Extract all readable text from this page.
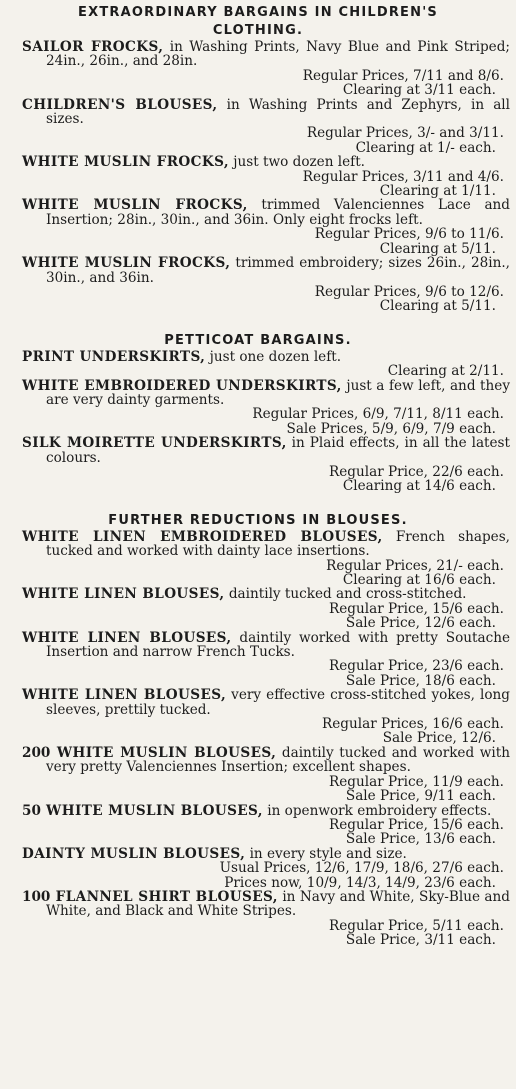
EXTRAORDINARY BARGAINS IN CHILDREN'S
CLOTHING.
SAILOR FROCKS, in Washing Prints, Navy Blue and Pink Striped; 24in., 26in., and 28in.
Regular Prices, 7/11 and 8/6.
Clearing at 3/11 each.
CHILDREN'S BLOUSES, in Washing Prints and Zephyrs, in all sizes.
Regular Prices, 3/- and 3/11.
Clearing at 1/- each.
WHITE MUSLIN FROCKS, just two dozen left.
Regular Prices, 3/11 and 4/6.
Clearing at 1/11.
WHITE MUSLIN FROCKS, trimmed Valenciennes Lace and Insertion; 28in., 30in., and 36in. Only eight frocks left.
Regular Prices, 9/6 to 11/6.
Clearing at 5/11.
WHITE MUSLIN FROCKS, trimmed embroidery; sizes 26in., 28in., 30in., and 36in.
Regular Prices, 9/6 to 12/6.
Clearing at 5/11.
PETTICOAT BARGAINS.
PRINT UNDERSKIRTS, just one dozen left.
Clearing at 2/11.
WHITE EMBROIDERED UNDERSKIRTS, just a few left, and they are very dainty garments.
Regular Prices, 6/9, 7/11, 8/11 each.
Sale Prices, 5/9, 6/9, 7/9 each.
SILK MOIRETTE UNDERSKIRTS, in Plaid effects, in all the latest colours.
Regular Price, 22/6 each.
Clearing at 14/6 each.
FURTHER REDUCTIONS IN BLOUSES.
WHITE LINEN EMBROIDERED BLOUSES, French shapes, tucked and worked with dainty lace insertions.
Regular Prices, 21/- each.
Clearing at 16/6 each.
WHITE LINEN BLOUSES, daintily tucked and cross-stitched.
Regular Price, 15/6 each.
Sale Price, 12/6 each.
WHITE LINEN BLOUSES, daintily worked with pretty Soutache Insertion and narrow French Tucks.
Regular Price, 23/6 each.
Sale Price, 18/6 each.
WHITE LINEN BLOUSES, very effective cross-stitched yokes, long sleeves, prettily tucked.
Regular Prices, 16/6 each.
Sale Price, 12/6.
200 WHITE MUSLIN BLOUSES, daintily tucked and worked with very pretty Valenciennes Insertion; excellent shapes.
Regular Price, 11/9 each.
Sale Price, 9/11 each.
50 WHITE MUSLIN BLOUSES, in openwork embroidery effects.
Regular Price, 15/6 each.
Sale Price, 13/6 each.
DAINTY MUSLIN BLOUSES, in every style and size.
Usual Prices, 12/6, 17/9, 18/6, 27/6 each.
Prices now, 10/9, 14/3, 14/9, 23/6 each.
100 FLANNEL SHIRT BLOUSES, in Navy and White, Sky-Blue and White, and Black and White Stripes.
Regular Price, 5/11 each.
Sale Price, 3/11 each.
